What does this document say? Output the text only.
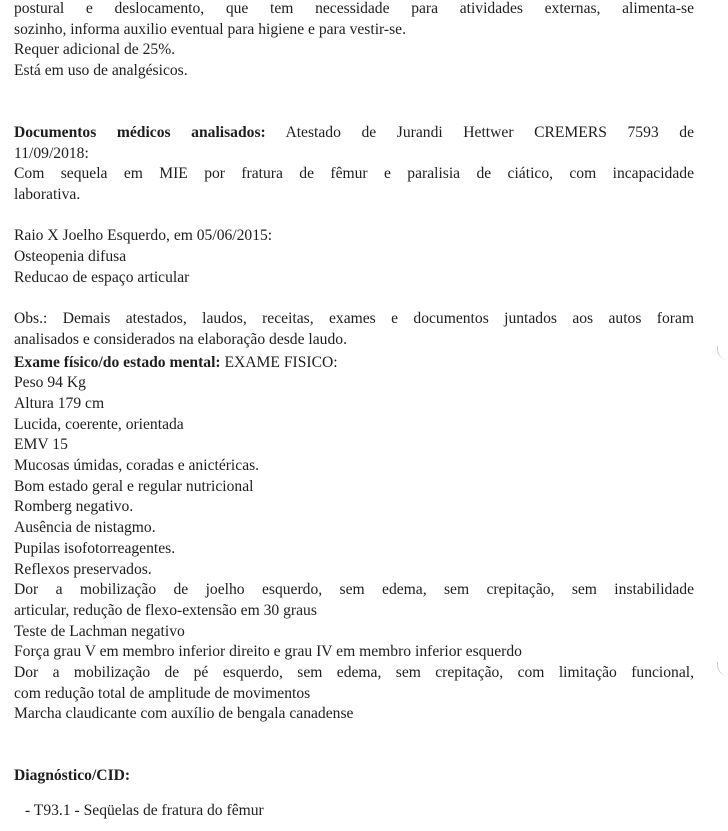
postural e deslocamento, que tem necessidade para atividades externas, alimenta-se
sozinho, informa auxilio eventual para higiene e para vestir-se.
Requer adicional de 25%.
Está em uso de analgésicos.
Documentos médicos analisados: Atestado de Jurandi Hettwer CREMERS 7593 de
11/09/2018:
Com sequela em MIE por fratura de fêmur e paralisia de ciático, com incapacidade
laborativa.
Raio X Joelho Esquerdo, em 05/06/2015:
Osteopenia difusa
Reducao de espaço articular
Obs.: Demais atestados, laudos, receitas, exames e documentos juntados aos autos foram
analisados e considerados na elaboração desde laudo.
Exame físico/do estado mental: EXAME FISICO:
Peso 94 Kg
Altura 179 cm
Lucida, coerente, orientada
EMV 15
Mucosas úmidas, coradas e anictéricas.
Bom estado geral e regular nutricional
Romberg negativo.
Ausência de nistagmo.
Pupilas isofotorreagentes.
Reflexos preservados.
Dor a mobilização de joelho esquerdo, sem edema, sem crepitação, sem instabilidade
articular, redução de flexo-extensão em 30 graus
Teste de Lachman negativo
Força grau V em membro inferior direito e grau IV em membro inferior esquerdo
Dor a mobilização de pé esquerdo, sem edema, sem crepitação, com limitação funcional,
com redução total de amplitude de movimentos
Marcha claudicante com auxílio de bengala canadense
Diagnóstico/CID:
- T93.1 - Seqüelas de fratura do fêmur
